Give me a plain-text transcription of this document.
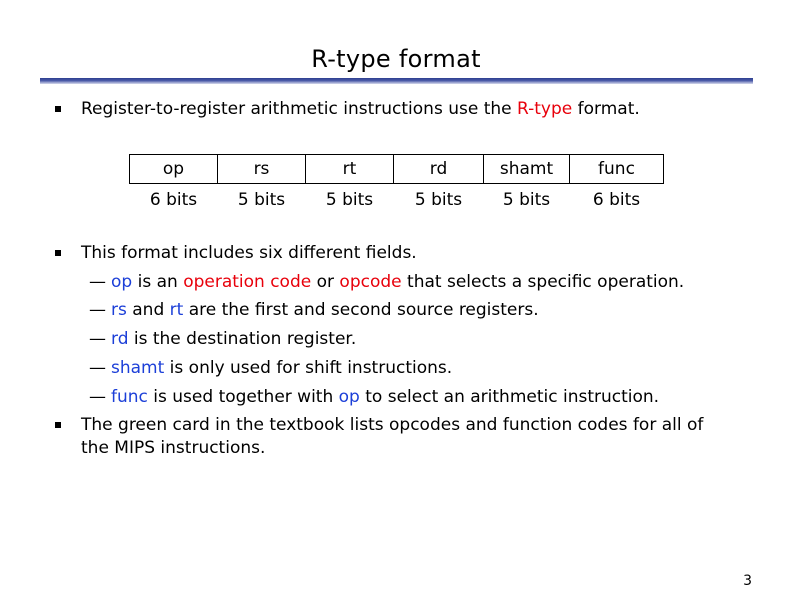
R-type format
Register-to-register arithmetic instructions use the R-type format.
op	rs	rt	rd	shamt	func
6 bits	5 bits	5 bits	5 bits	5 bits	6 bits
This format includes six different fields.
— op is an operation code or opcode that selects a specific operation.
— rs and rt are the first and second source registers.
— rd is the destination register.
— shamt is only used for shift instructions.
— func is used together with op to select an arithmetic instruction.
The green card in the textbook lists opcodes and function codes for all of
the MIPS instructions.
3
